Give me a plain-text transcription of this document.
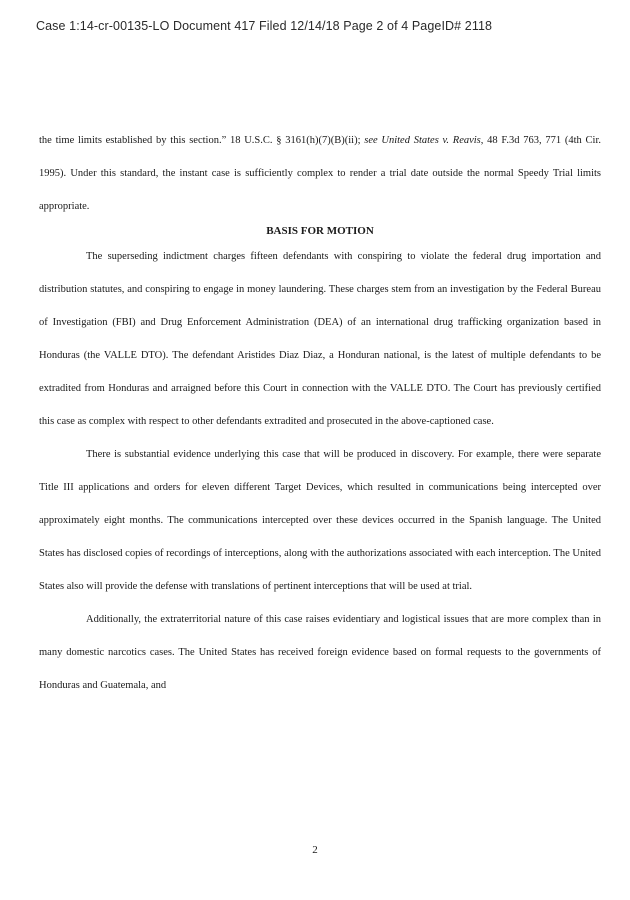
Case 1:14-cr-00135-LO Document 417 Filed 12/14/18 Page 2 of 4 PageID# 2118

the time limits established by this section.” 18 U.S.C. § 3161(h)(7)(B)(ii); see United States v. Reavis, 48 F.3d 763, 771 (4th Cir. 1995). Under this standard, the instant case is sufficiently complex to render a trial date outside the normal Speedy Trial limits appropriate.

BASIS FOR MOTION

The superseding indictment charges fifteen defendants with conspiring to violate the federal drug importation and distribution statutes, and conspiring to engage in money laundering. These charges stem from an investigation by the Federal Bureau of Investigation (FBI) and Drug Enforcement Administration (DEA) of an international drug trafficking organization based in Honduras (the VALLE DTO). The defendant Aristides Diaz Diaz, a Honduran national, is the latest of multiple defendants to be extradited from Honduras and arraigned before this Court in connection with the VALLE DTO. The Court has previously certified this case as complex with respect to other defendants extradited and prosecuted in the above-captioned case.

There is substantial evidence underlying this case that will be produced in discovery. For example, there were separate Title III applications and orders for eleven different Target Devices, which resulted in communications being intercepted over approximately eight months. The communications intercepted over these devices occurred in the Spanish language. The United States has disclosed copies of recordings of interceptions, along with the authorizations associated with each interception. The United States also will provide the defense with translations of pertinent interceptions that will be used at trial.

Additionally, the extraterritorial nature of this case raises evidentiary and logistical issues that are more complex than in many domestic narcotics cases. The United States has received foreign evidence based on formal requests to the governments of Honduras and Guatemala, and

2
